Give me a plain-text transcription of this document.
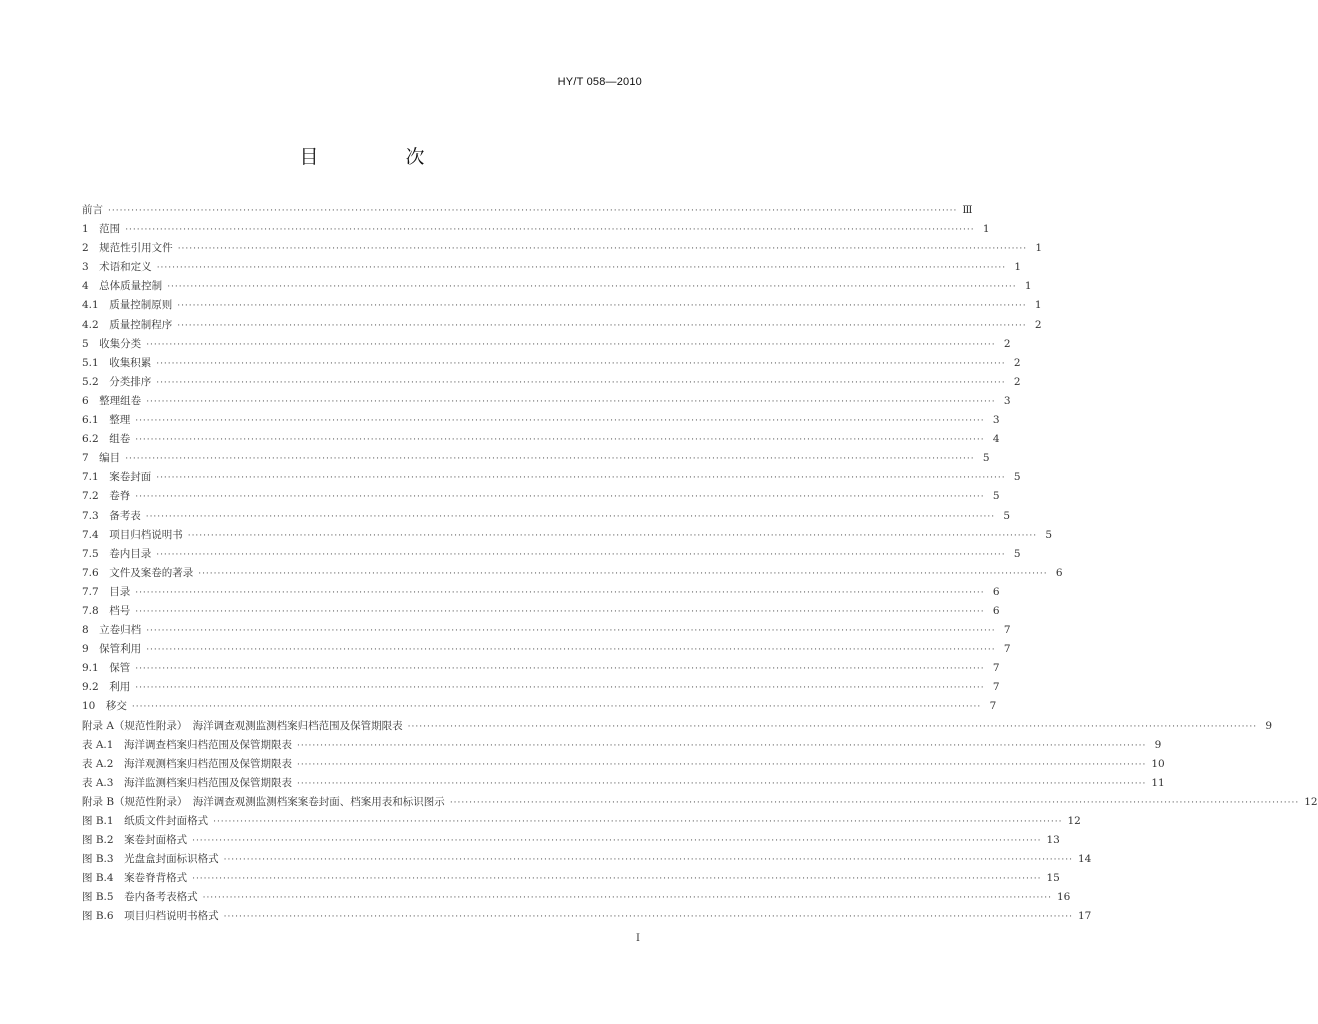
HY/T 058—2010
目　次
前言 ···························································································································································································································· Ⅲ
1　范围 ···························································································································································································································· 1
2　规范性引用文件 ···························································································································································································································· 1
3　术语和定义 ···························································································································································································································· 1
4　总体质量控制 ···························································································································································································································· 1
4.1　质量控制原则 ···························································································································································································································· 1
4.2　质量控制程序 ···························································································································································································································· 2
5　收集分类 ···························································································································································································································· 2
5.1　收集积累 ···························································································································································································································· 2
5.2　分类排序 ···························································································································································································································· 2
6　整理组卷 ···························································································································································································································· 3
6.1　整理 ···························································································································································································································· 3
6.2　组卷 ···························································································································································································································· 4
7　编目 ···························································································································································································································· 5
7.1　案卷封面 ···························································································································································································································· 5
7.2　卷脊 ···························································································································································································································· 5
7.3　备考表 ···························································································································································································································· 5
7.4　项目归档说明书 ···························································································································································································································· 5
7.5　卷内目录 ···························································································································································································································· 5
7.6　文件及案卷的著录 ···························································································································································································································· 6
7.7　目录 ···························································································································································································································· 6
7.8　档号 ···························································································································································································································· 6
8　立卷归档 ···························································································································································································································· 7
9　保管利用 ···························································································································································································································· 7
9.1　保管 ···························································································································································································································· 7
9.2　利用 ···························································································································································································································· 7
10　移交 ···························································································································································································································· 7
附录 A（规范性附录）　海洋调查观测监测档案归档范围及保管期限表 ···························································································································································································································· 9
表 A.1　海洋调查档案归档范围及保管期限表 ···························································································································································································································· 9
表 A.2　海洋观测档案归档范围及保管期限表 ···························································································································································································································· 10
表 A.3　海洋监测档案归档范围及保管期限表 ···························································································································································································································· 11
附录 B（规范性附录）　海洋调查观测监测档案案卷封面、档案用表和标识图示 ···························································································································································································································· 12
图 B.1　纸质文件封面格式 ···························································································································································································································· 12
图 B.2　案卷封面格式 ···························································································································································································································· 13
图 B.3　光盘盒封面标识格式 ···························································································································································································································· 14
图 B.4　案卷脊背格式 ···························································································································································································································· 15
图 B.5　卷内备考表格式 ···························································································································································································································· 16
图 B.6　项目归档说明书格式 ···························································································································································································································· 17
I
